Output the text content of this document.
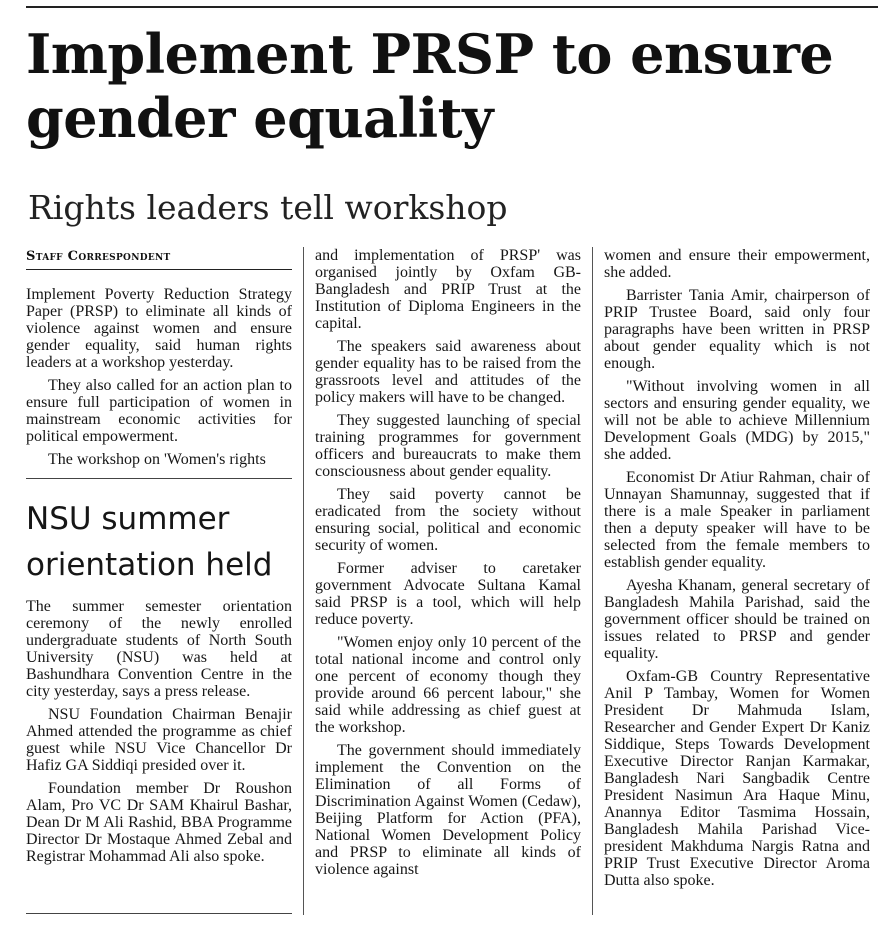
Implement PRSP to ensure gender equality
Rights leaders tell workshop
Staff Correspondent

Implement Poverty Reduction Strategy Paper (PRSP) to eliminate all kinds of violence against women and ensure gender equality, said human rights leaders at a workshop yesterday.

They also called for an action plan to ensure full participation of women in mainstream economic activities for political empowerment.

The workshop on 'Women's rights

NSU summer orientation held

The summer semester orientation ceremony of the newly enrolled undergraduate students of North South University (NSU) was held at Bashundhara Convention Centre in the city yesterday, says a press release.

NSU Foundation Chairman Benajir Ahmed attended the programme as chief guest while NSU Vice Chancellor Dr Hafiz GA Siddiqi presided over it.

Foundation member Dr Roushon Alam, Pro VC Dr SAM Khairul Bashar, Dean Dr M Ali Rashid, BBA Programme Director Dr Mostaque Ahmed Zebal and Registrar Mohammad Ali also spoke.

and implementation of PRSP' was organised jointly by Oxfam GB-Bangladesh and PRIP Trust at the Institution of Diploma Engineers in the capital.

The speakers said awareness about gender equality has to be raised from the grassroots level and attitudes of the policy makers will have to be changed.

They suggested launching of special training programmes for government officers and bureaucrats to make them consciousness about gender equality.

They said poverty cannot be eradicated from the society without ensuring social, political and economic security of women.

Former adviser to caretaker government Advocate Sultana Kamal said PRSP is a tool, which will help reduce poverty.

"Women enjoy only 10 percent of the total national income and control only one percent of economy though they provide around 66 percent labour," she said while addressing as chief guest at the workshop.

The government should immediately implement the Convention on the Elimination of all Forms of Discrimination Against Women (Cedaw), Beijing Platform for Action (PFA), National Women Development Policy and PRSP to eliminate all kinds of violence against

women and ensure their empowerment, she added.

Barrister Tania Amir, chairperson of PRIP Trustee Board, said only four paragraphs have been written in PRSP about gender equality which is not enough.

"Without involving women in all sectors and ensuring gender equality, we will not be able to achieve Millennium Development Goals (MDG) by 2015," she added.

Economist Dr Atiur Rahman, chair of Unnayan Shamunnay, suggested that if there is a male Speaker in parliament then a deputy speaker will have to be selected from the female members to establish gender equality.

Ayesha Khanam, general secretary of Bangladesh Mahila Parishad, said the government officer should be trained on issues related to PRSP and gender equality.

Oxfam-GB Country Representative Anil P Tambay, Women for Women President Dr Mahmuda Islam, Researcher and Gender Expert Dr Kaniz Siddique, Steps Towards Development Executive Director Ranjan Karmakar, Bangladesh Nari Sangbadik Centre President Nasimun Ara Haque Minu, Anannya Editor Tasmima Hossain, Bangladesh Mahila Parishad Vice-president Makhduma Nargis Ratna and PRIP Trust Executive Director Aroma Dutta also spoke.
